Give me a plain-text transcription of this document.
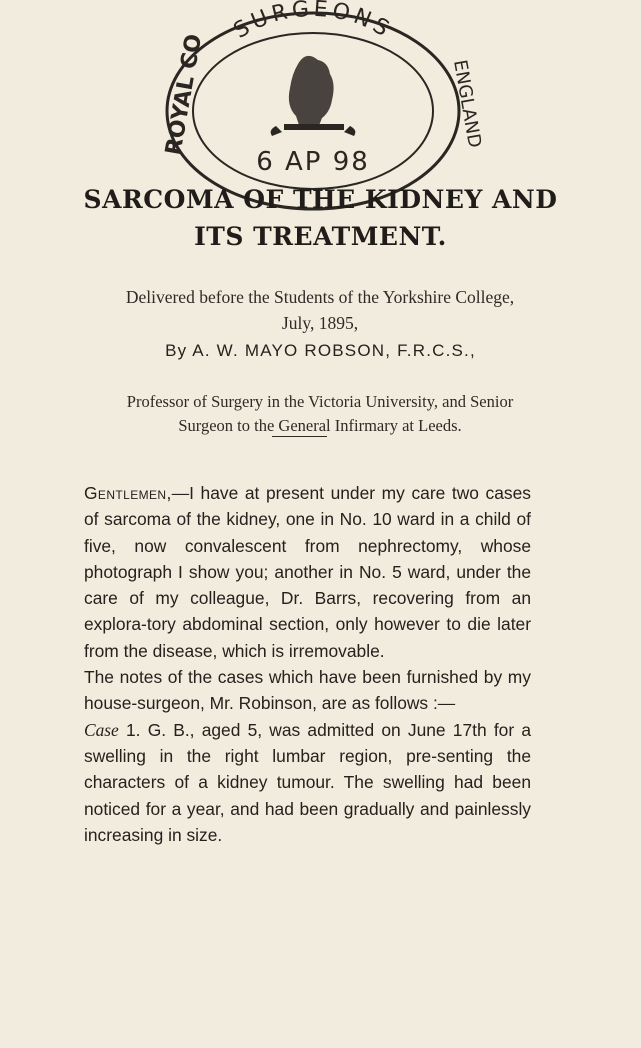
SURGEONS
ROYAL CO	ENGLAND
6 AP 98
SARCOMA OF THE KIDNEY AND
ITS TREATMENT.
Delivered before the Students of the Yorkshire College,
July, 1895,
By A. W. MAYO ROBSON, F.R.C.S.,
Professor of Surgery in the Victoria University, and Senior
Surgeon to the General Infirmary at Leeds.

Gentlemen,—I have at present under my care two cases of sarcoma of the kidney, one in No. 10 ward in a child of five, now convalescent from nephrectomy, whose photograph I show you; another in No. 5 ward, under the care of my colleague, Dr. Barrs, recovering from an explora-tory abdominal section, only however to die later from the disease, which is irremovable.

The notes of the cases which have been furnished by my house-surgeon, Mr. Robinson, are as follows :—

Case 1. G. B., aged 5, was admitted on June 17th for a swelling in the right lumbar region, pre-senting the characters of a kidney tumour. The swelling had been noticed for a year, and had been gradually and painlessly increasing in size.
